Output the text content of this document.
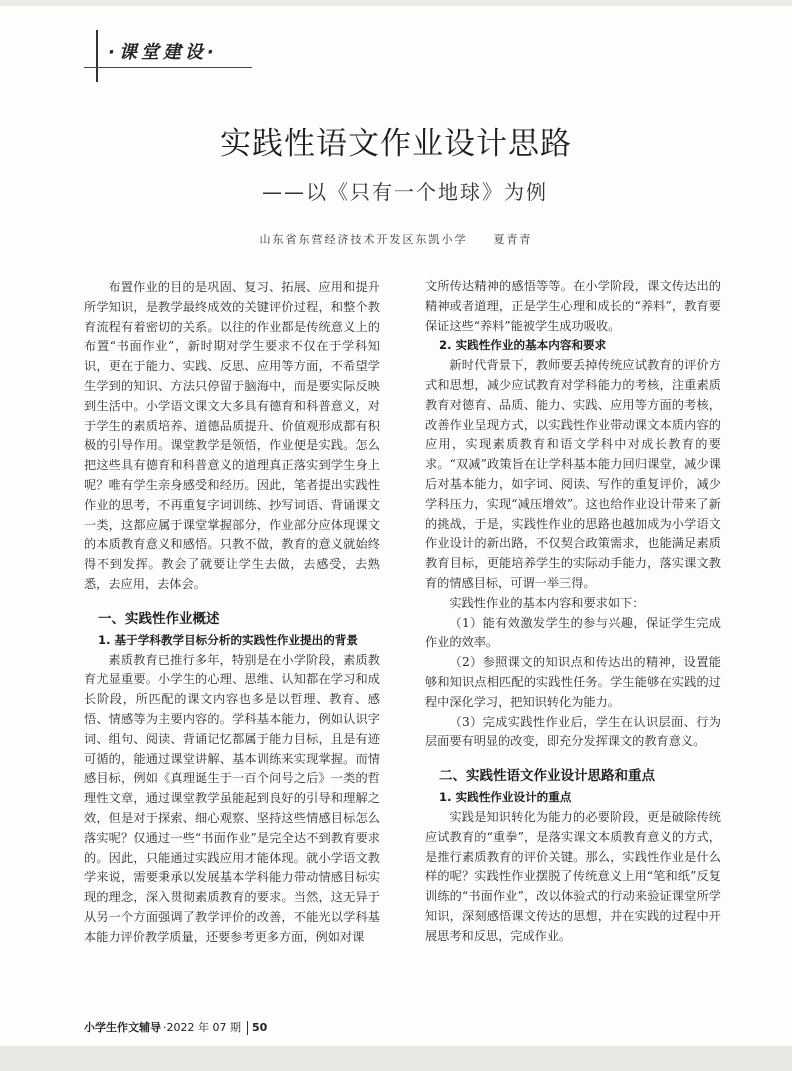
·课堂建设·
实践性语文作业设计思路
——以《只有一个地球》为例
山东省东营经济技术开发区东凯小学 夏青青

布置作业的目的是巩固、复习、拓展、应用和提升所学知识，是教学最终成效的关键评价过程，和整个教育流程有着密切的关系。以往的作业都是传统意义上的布置“书面作业”，新时期对学生要求不仅在于学科知识，更在于能力、实践、反思、应用等方面，不希望学生学到的知识、方法只停留于脑海中，而是要实际反映到生活中。小学语文课文大多具有德育和科普意义，对于学生的素质培养、道德品质提升、价值观形成都有积极的引导作用。课堂教学是领悟，作业便是实践。怎么把这些具有德育和科普意义的道理真正落实到学生身上呢？唯有学生亲身感受和经历。因此，笔者提出实践性作业的思考，不再重复字词训练、抄写词语、背诵课文一类，这都应属于课堂掌握部分，作业部分应体现课文的本质教育意义和感悟。只教不做，教育的意义就始终得不到发挥。教会了就要让学生去做，去感受，去熟悉，去应用，去体会。

一、实践性作业概述
1. 基于学科教学目标分析的实践性作业提出的背景

素质教育已推行多年，特别是在小学阶段，素质教育尤显重要。小学生的心理、思维、认知都在学习和成长阶段，所匹配的课文内容也多是以哲理、教育、感悟、情感等为主要内容的。学科基本能力，例如认识字词、组句、阅读、背诵记忆都属于能力目标，且是有迹可循的，能通过课堂讲解、基本训练来实现掌握。而情感目标，例如《真理诞生于一百个问号之后》一类的哲理性文章，通过课堂教学虽能起到良好的引导和理解之效，但是对于探索、细心观察、坚持这些情感目标怎么落实呢？仅通过一些“书面作业”是完全达不到教育要求的。因此，只能通过实践应用才能体现。就小学语文教学来说，需要秉承以发展基本学科能力带动情感目标实现的理念，深入贯彻素质教育的要求。当然，这无异于从另一个方面强调了教学评价的改善，不能光以学科基本能力评价教学质量，还要参考更多方面，例如对课

文所传达精神的感悟等等。在小学阶段，课文传达出的精神或者道理，正是学生心理和成长的“养料”，教育要保证这些“养料”能被学生成功吸收。

2. 实践性作业的基本内容和要求

新时代背景下，教师要丢掉传统应试教育的评价方式和思想，减少应试教育对学科能力的考核，注重素质教育对德育、品质、能力、实践、应用等方面的考核，改善作业呈现方式，以实践性作业带动课文本质内容的应用，实现素质教育和语文学科中对成长教育的要求。“双减”政策旨在让学科基本能力回归课堂，减少课后对基本能力，如字词、阅读、写作的重复评价，减少学科压力，实现“减压增效”。这也给作业设计带来了新的挑战，于是，实践性作业的思路也越加成为小学语文作业设计的新出路，不仅契合政策需求，也能满足素质教育目标，更能培养学生的实际动手能力，落实课文教育的情感目标，可谓一举三得。

实践性作业的基本内容和要求如下：

（1）能有效激发学生的参与兴趣，保证学生完成作业的效率。

（2）参照课文的知识点和传达出的精神，设置能够和知识点相匹配的实践性任务。学生能够在实践的过程中深化学习，把知识转化为能力。

（3）完成实践性作业后，学生在认识层面、行为层面要有明显的改变，即充分发挥课文的教育意义。

二、实践性语文作业设计思路和重点
1. 实践性作业设计的重点

实践是知识转化为能力的必要阶段，更是破除传统应试教育的“重拳”，是落实课文本质教育意义的方式，是推行素质教育的评价关键。那么，实践性作业是什么样的呢？实践性作业摆脱了传统意义上用“笔和纸”反复训练的“书面作业”，改以体验式的行动来验证课堂所学知识，深刻感悟课文传达的思想，并在实践的过程中开展思考和反思，完成作业。

小学生作文辅导 ·2022 年 07 期 50
